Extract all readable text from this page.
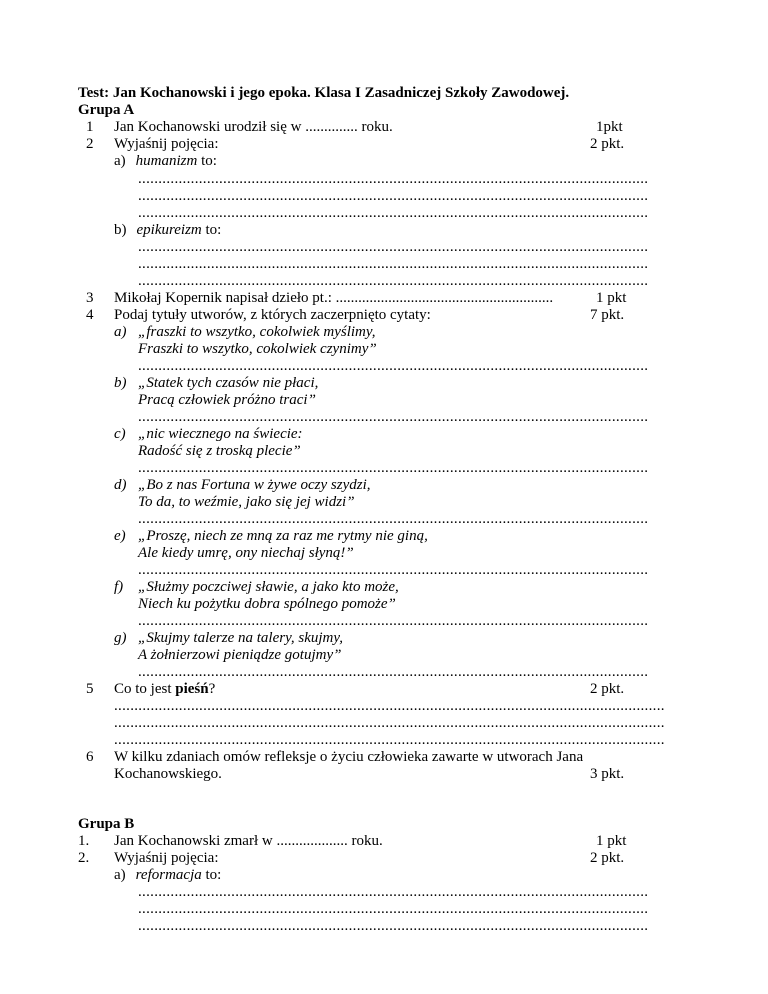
Test: Jan Kochanowski i jego epoka. Klasa I Zasadniczej Szkoły Zawodowej.
Grupa A
1 Jan Kochanowski urodził się w .............. roku.	1pkt
2 Wyjaśnij pojęcia:	2 pkt.
a) humanizm to:
..............................................................................................................................
..............................................................................................................................
..............................................................................................................................
b) epikureizm to:
..............................................................................................................................
..............................................................................................................................
..............................................................................................................................
3 Mikołaj Kopernik napisał dzieło pt.: ..........................................................	1 pkt
4 Podaj tytuły utworów, z których zaczerpnięto cytaty:	7 pkt.
a) „fraszki to wszytko, cokolwiek myślimy,
Fraszki to wszytko, cokolwiek czynimy”
..............................................................................................................................
b) „Statek tych czasów nie płaci,
Pracą człowiek próżno traci”
..............................................................................................................................
c) „nic wiecznego na świecie:
Radość się z troską plecie”
..............................................................................................................................
d) „Bo z nas Fortuna w żywe oczy szydzi,
To da, to weźmie, jako się jej widzi”
..............................................................................................................................
e) „Proszę, niech ze mną za raz me rytmy nie giną,
Ale kiedy umrę, ony niechaj słyną!”
..............................................................................................................................
f) „Służmy poczciwej sławie, a jako kto może,
Niech ku pożytku dobra spólnego pomoże”
..............................................................................................................................
g) „Skujmy talerze na talery, skujmy,
A żołnierzowi pieniądze gotujmy”
..............................................................................................................................
5 Co to jest pieśń?	2 pkt.
........................................................................................................................................
........................................................................................................................................
........................................................................................................................................
6 W kilku zdaniach omów refleksje o życiu człowieka zawarte w utworach Jana
Kochanowskiego.	3 pkt.
Grupa B
1. Jan Kochanowski zmarł w ................... roku.	1 pkt
2. Wyjaśnij pojęcia:	2 pkt.
a) reformacja to:
..............................................................................................................................
..............................................................................................................................
..............................................................................................................................
